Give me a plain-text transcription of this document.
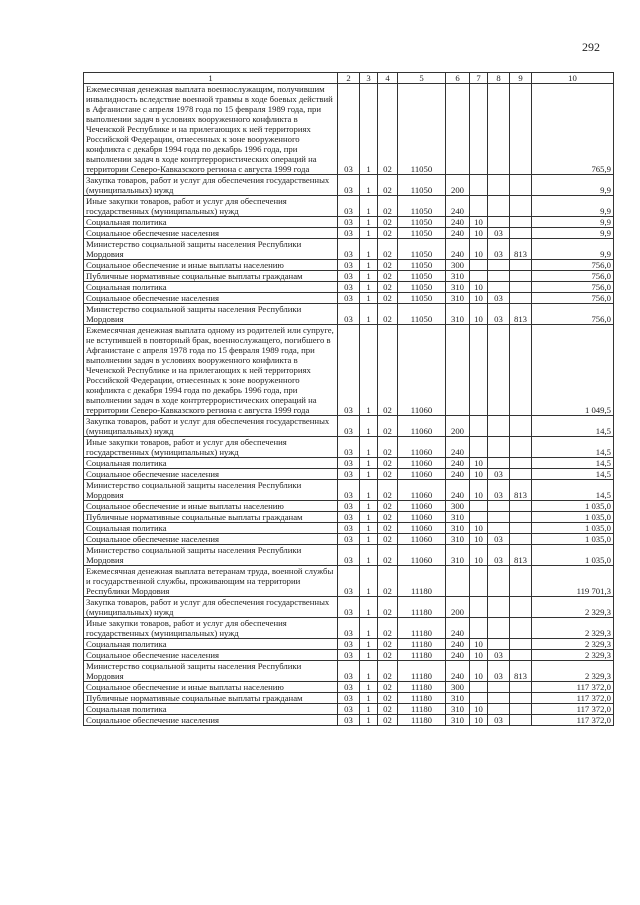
292
1	2	3	4	5	6	7	8	9	10
Ежемесячная денежная выплата военнослужащим, получившим инвалидность вследствие военной травмы в ходе боевых действий в Афганистане с апреля 1978 года по 15 февраля 1989 года, при выполнении задач в условиях вооруженного конфликта в Чеченской Республике и на прилегающих к ней территориях Российской Федерации, отнесенных к зоне вооруженного конфликта с декабря 1994 года по декабрь 1996 года, при выполнении задач в ходе контртеррористических операций на территории Северо-Кавказского региона с августа 1999 года	03	1	02	11050					765,9
Закупка товаров, работ и услуг для обеспечения государственных (муниципальных) нужд	03	1	02	11050	200				9,9
Иные закупки товаров, работ и услуг для обеспечения государственных (муниципальных) нужд	03	1	02	11050	240				9,9
Социальная политика	03	1	02	11050	240	10			9,9
Социальное обеспечение населения	03	1	02	11050	240	10	03		9,9
Министерство социальной защиты населения Республики Мордовия	03	1	02	11050	240	10	03	813	9,9
Социальное обеспечение и иные выплаты населению	03	1	02	11050	300				756,0
Публичные нормативные социальные выплаты гражданам	03	1	02	11050	310				756,0
Социальная политика	03	1	02	11050	310	10			756,0
Социальное обеспечение населения	03	1	02	11050	310	10	03		756,0
Министерство социальной защиты населения Республики Мордовия	03	1	02	11050	310	10	03	813	756,0
Ежемесячная денежная выплата одному из родителей или супруге, не вступившей в повторный брак, военнослужащего, погибшего в Афганистане с апреля 1978 года по 15 февраля 1989 года, при выполнении задач в условиях вооруженного конфликта в Чеченской Республике и на прилегающих к ней территориях Российской Федерации, отнесенных к зоне вооруженного конфликта с декабря 1994 года по декабрь 1996 года, при выполнении задач в ходе контртеррористических операций на территории Северо-Кавказского региона с августа 1999 года	03	1	02	11060					1 049,5
Закупка товаров, работ и услуг для обеспечения государственных (муниципальных) нужд	03	1	02	11060	200				14,5
Иные закупки товаров, работ и услуг для обеспечения государственных (муниципальных) нужд	03	1	02	11060	240				14,5
Социальная политика	03	1	02	11060	240	10			14,5
Социальное обеспечение населения	03	1	02	11060	240	10	03		14,5
Министерство социальной защиты населения Республики Мордовия	03	1	02	11060	240	10	03	813	14,5
Социальное обеспечение и иные выплаты населению	03	1	02	11060	300				1 035,0
Публичные нормативные социальные выплаты гражданам	03	1	02	11060	310				1 035,0
Социальная политика	03	1	02	11060	310	10			1 035,0
Социальное обеспечение населения	03	1	02	11060	310	10	03		1 035,0
Министерство социальной защиты населения Республики Мордовия	03	1	02	11060	310	10	03	813	1 035,0
Ежемесячная денежная выплата ветеранам труда, военной службы и государственной службы, проживающим на территории Республики Мордовия	03	1	02	11180					119 701,3
Закупка товаров, работ и услуг для обеспечения государственных (муниципальных) нужд	03	1	02	11180	200				2 329,3
Иные закупки товаров, работ и услуг для обеспечения государственных (муниципальных) нужд	03	1	02	11180	240				2 329,3
Социальная политика	03	1	02	11180	240	10			2 329,3
Социальное обеспечение населения	03	1	02	11180	240	10	03		2 329,3
Министерство социальной защиты населения Республики Мордовия	03	1	02	11180	240	10	03	813	2 329,3
Социальное обеспечение и иные выплаты населению	03	1	02	11180	300				117 372,0
Публичные нормативные социальные выплаты гражданам	03	1	02	11180	310				117 372,0
Социальная политика	03	1	02	11180	310	10			117 372,0
Социальное обеспечение населения	03	1	02	11180	310	10	03		117 372,0
